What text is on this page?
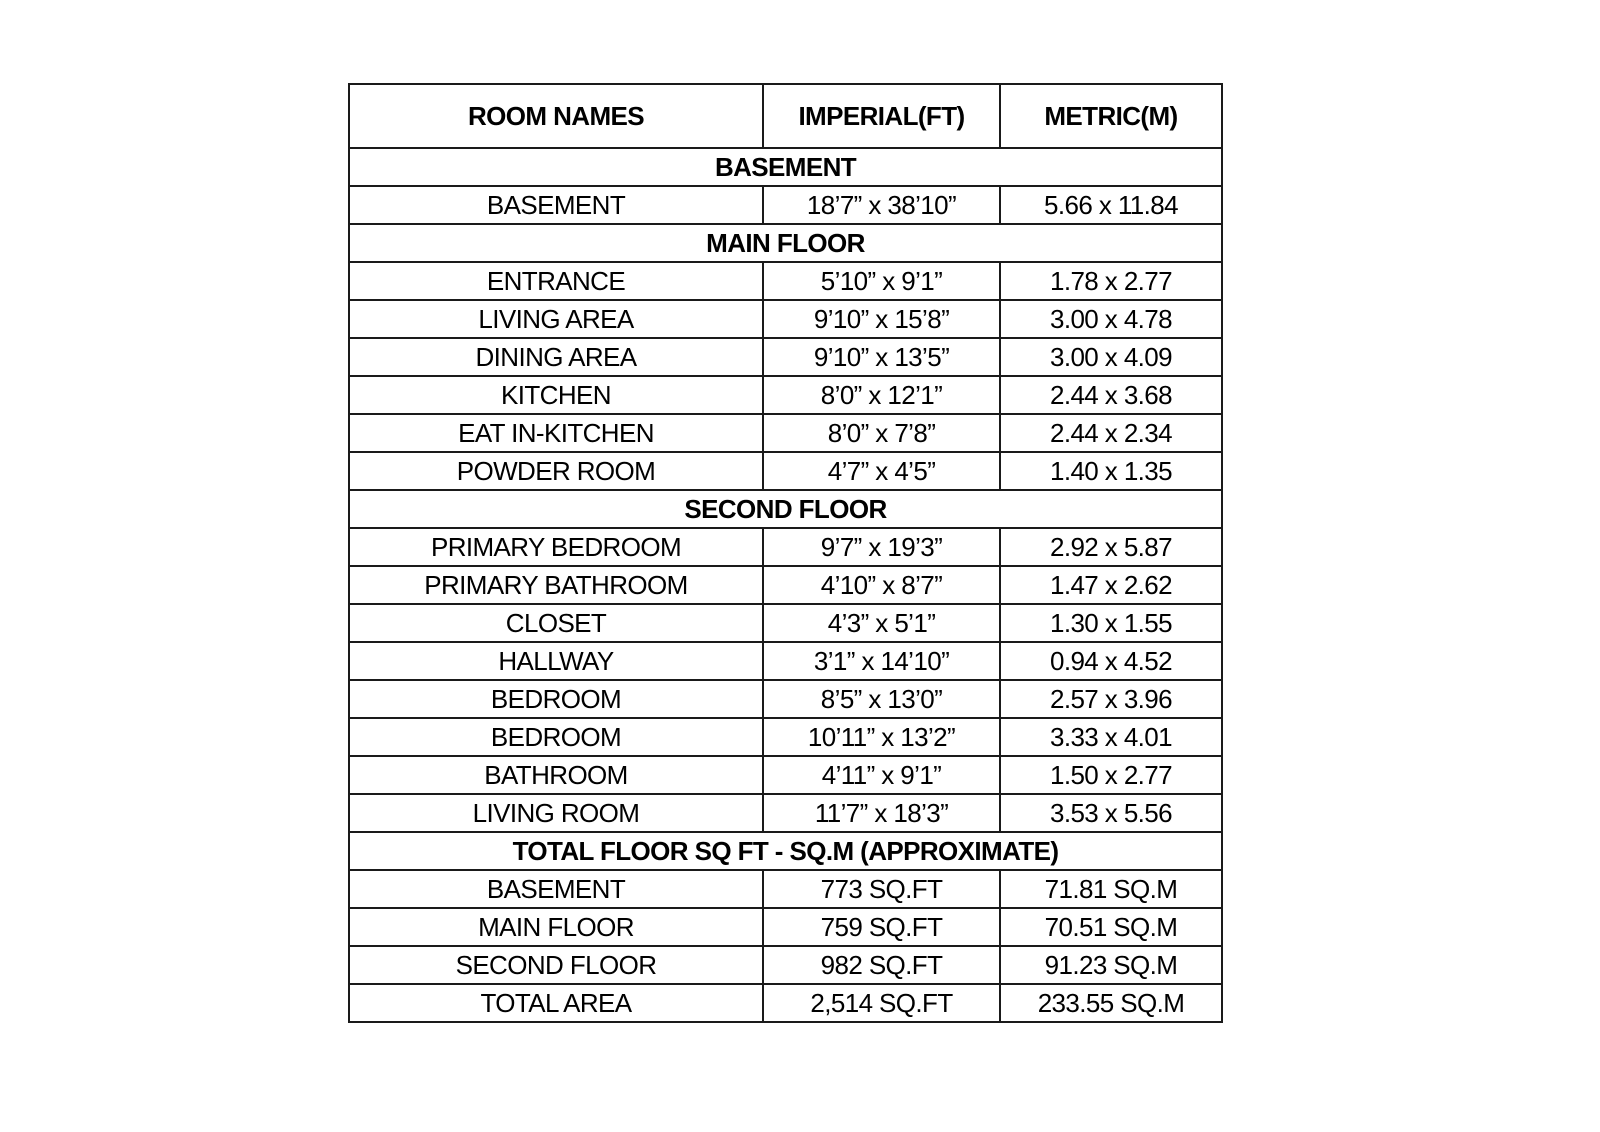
ROOM NAMES	IMPERIAL(FT)	METRIC(M)
BASEMENT		
BASEMENT	18’7” x 38’10”	5.66 x 11.84
MAIN FLOOR		
ENTRANCE	5’10” x 9’1”	1.78 x 2.77
LIVING AREA	9’10” x 15’8”	3.00 x 4.78
DINING AREA	9’10” x 13’5”	3.00 x 4.09
KITCHEN	8’0” x 12’1”	2.44 x 3.68
EAT IN-KITCHEN	8’0” x 7’8”	2.44 x 2.34
POWDER ROOM	4’7” x 4’5”	1.40 x 1.35
SECOND FLOOR		
PRIMARY BEDROOM	9’7” x 19’3”	2.92 x 5.87
PRIMARY BATHROOM	4’10” x 8’7”	1.47 x 2.62
CLOSET	4’3” x 5’1”	1.30 x 1.55
HALLWAY	3’1” x 14’10”	0.94 x 4.52
BEDROOM	8’5” x 13’0”	2.57 x 3.96
BEDROOM	10’11” x 13’2”	3.33 x 4.01
BATHROOM	4’11” x 9’1”	1.50 x 2.77
LIVING ROOM	11’7” x 18’3”	3.53 x 5.56
TOTAL FLOOR SQ FT - SQ.M (APPROXIMATE)		
BASEMENT	773 SQ.FT	71.81 SQ.M
MAIN FLOOR	759 SQ.FT	70.51 SQ.M
SECOND FLOOR	982 SQ.FT	91.23 SQ.M
TOTAL AREA	2,514 SQ.FT	233.55 SQ.M
